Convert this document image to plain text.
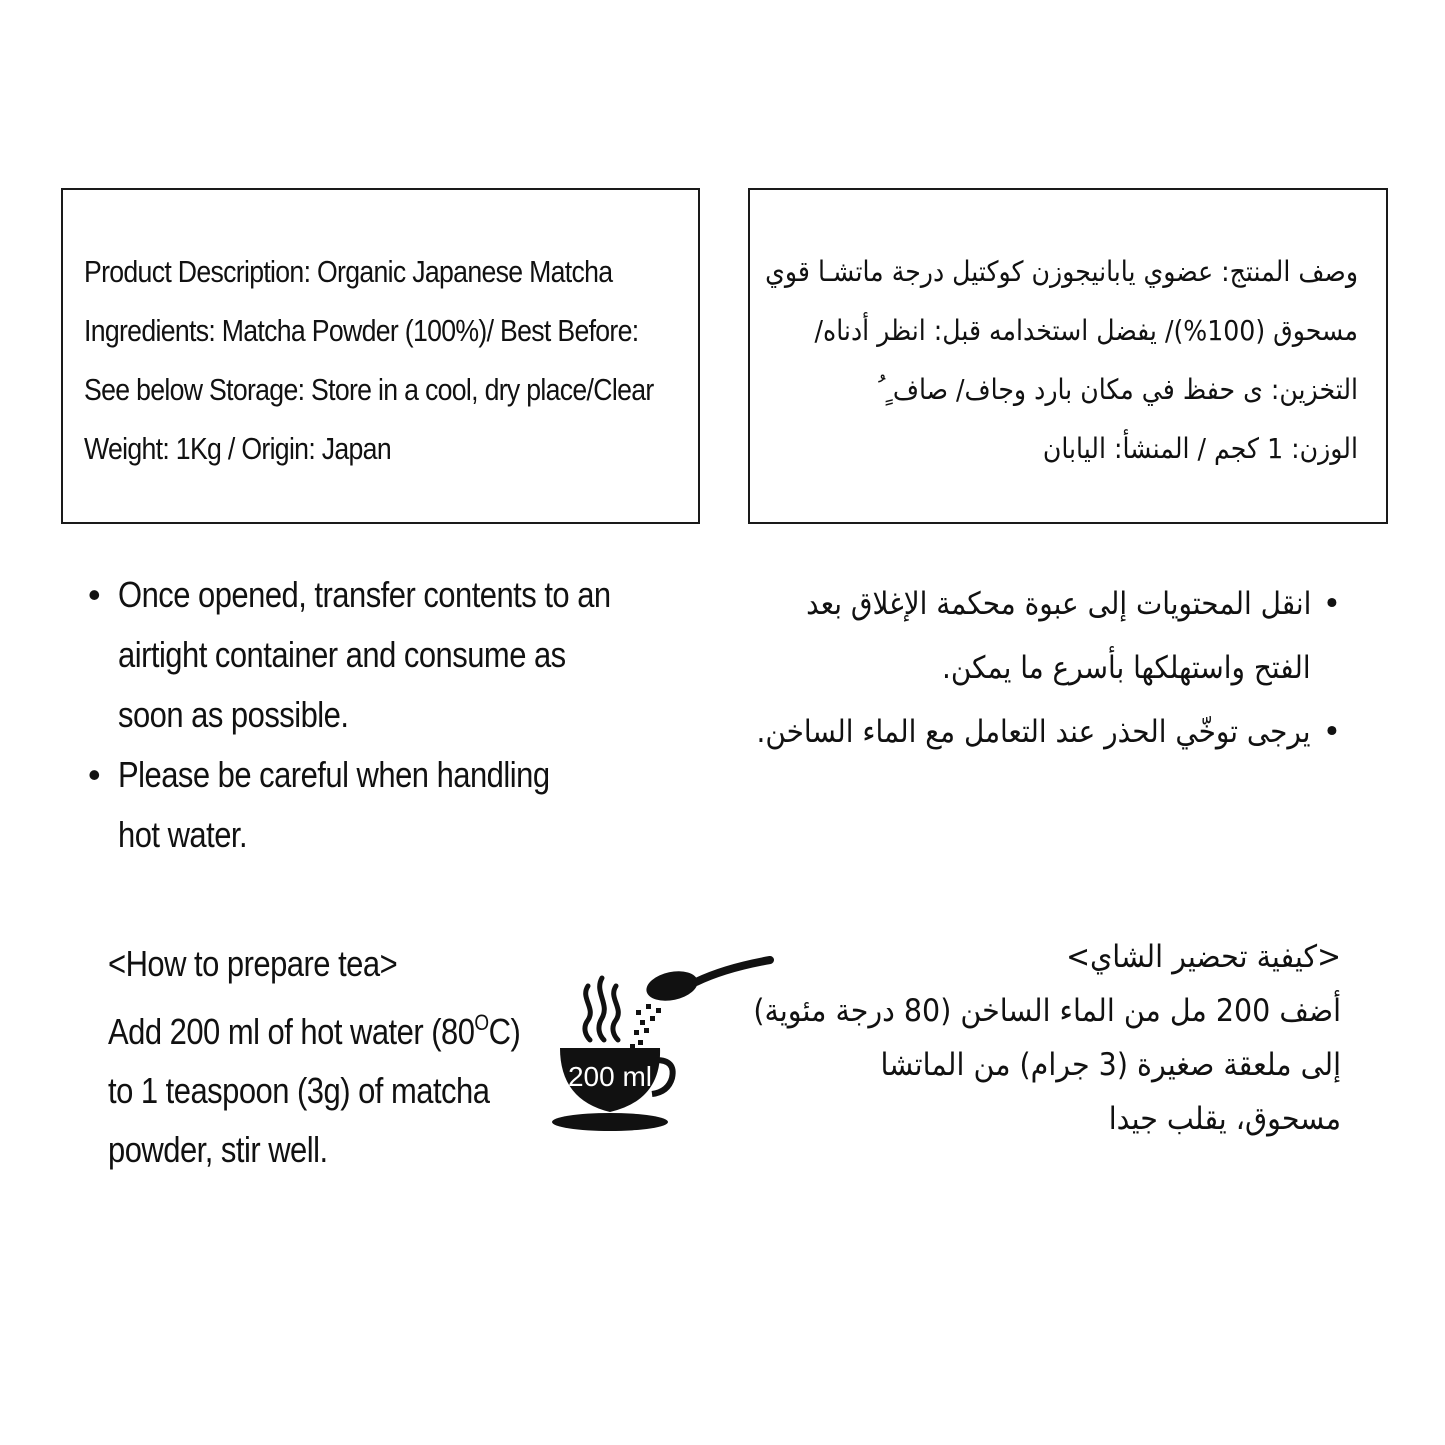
Product Description: Organic Japanese Matcha
Ingredients: Matcha Powder (100%)/ Best Before:
See below Storage: Store in a cool, dry place/Clear
Weight: 1Kg / Origin: Japan
وصف المنتج: عضوي يابانيجوزن كوكتيل درجة ماتشـا قوي
مسحوق (100%)/ يفضل استخدامه قبل: انظر أدناه/
التخزين: ى حفظ في مكان بارد وجاف/ صاف ٍ ُ
الوزن: 1 كجم / المنشأ: اليابان
• Once opened, transfer contents to an
airtight container and consume as
soon as possible.
• Please be careful when handling
hot water.
•
انقل المحتويات إلى عبوة محكمة الإغلاق بعد
الفتح واستهلكها بأسرع ما يمكن.
•
يرجى توخّي الحذر عند التعامل مع الماء الساخن.
<How to prepare tea>
Add 200 ml of hot water $(80^OC)$
to 1 teaspoon (3g) of matcha
powder, stir well.
200 ml
<كيفية تحضير الشاي>
أضف 200 مل من الماء الساخن (80 درجة مئوية)
إلى ملعقة صغيرة (3 جرام) من الماتشا
مسحوق، يقلب جيدا
